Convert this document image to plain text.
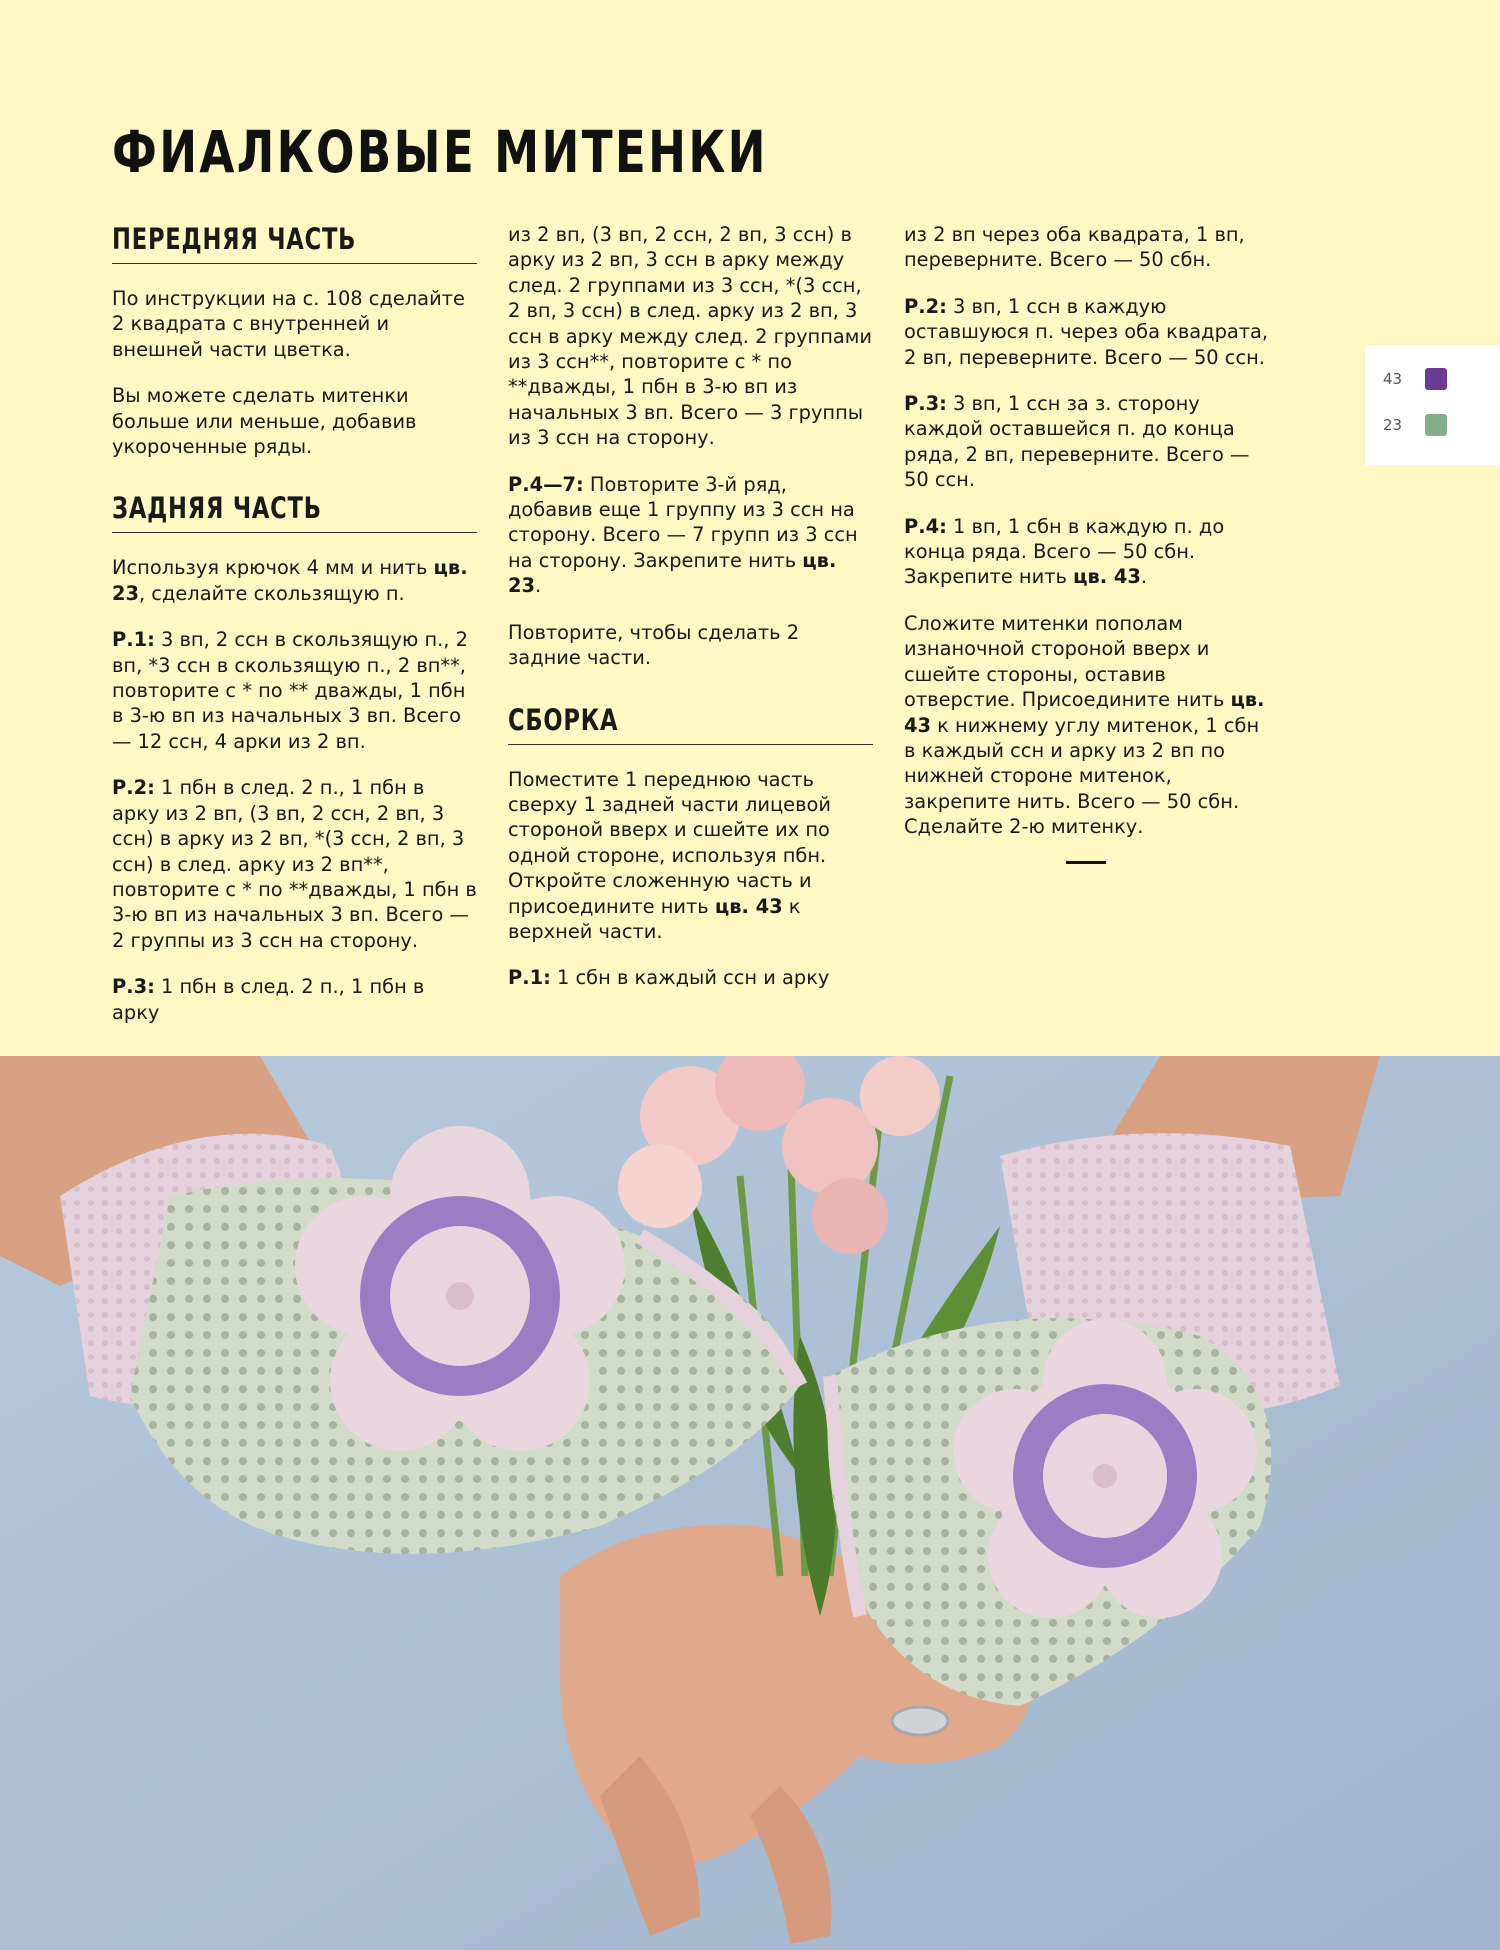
ФИАЛКОВЫЕ МИТЕНКИ
ПЕРЕДНЯЯ ЧАСТЬ

По инструкции на с. 108 сделайте 2 квадрата с внутренней и внешней части цветка.

Вы можете сделать митенки больше или меньше, добавив укороченные ряды.

ЗАДНЯЯ ЧАСТЬ

Используя крючок 4 мм и нить цв. 23, сделайте скользящую п.

Р.1: 3 вп, 2 ссн в скользящую п., 2 вп, *3 ссн в скользящую п., 2 вп**, повторите с * по ** дважды, 1 пбн в 3-ю вп из начальных 3 вп. Всего — 12 ссн, 4 арки из 2 вп.

Р.2: 1 пбн в след. 2 п., 1 пбн в арку из 2 вп, (3 вп, 2 ссн, 2 вп, 3 ссн) в арку из 2 вп, *(3 ссн, 2 вп, 3 ссн) в след. арку из 2 вп**, повторите с * по **дважды, 1 пбн в 3-ю вп из начальных 3 вп. Всего — 2 группы из 3 ссн на сторону.

Р.3: 1 пбн в след. 2 п., 1 пбн в арку

из 2 вп, (3 вп, 2 ссн, 2 вп, 3 ссн) в арку из 2 вп, 3 ссн в арку между след. 2 группами из 3 ссн, *(3 ссн, 2 вп, 3 ссн) в след. арку из 2 вп, 3 ссн в арку между след. 2 группами из 3 ссн**, повторите с * по **дважды, 1 пбн в 3-ю вп из начальных 3 вп. Всего — 3 группы из 3 ссн на сторону.

Р.4—7: Повторите 3-й ряд, добавив еще 1 группу из 3 ссн на сторону. Всего — 7 групп из 3 ссн на сторону. Закрепите нить цв. 23.

Повторите, чтобы сделать 2 задние части.

СБОРКА

Поместите 1 переднюю часть сверху 1 задней части лицевой стороной вверх и сшейте их по одной стороне, используя пбн. Откройте сложенную часть и присоедините нить цв. 43 к верхней части.

Р.1: 1 сбн в каждый ссн и арку

из 2 вп через оба квадрата, 1 вп, переверните. Всего — 50 сбн.

Р.2: 3 вп, 1 ссн в каждую оставшуюся п. через оба квадрата, 2 вп, переверните. Всего — 50 ссн.

Р.3: 3 вп, 1 ссн за з. сторону каждой оставшейся п. до конца ряда, 2 вп, переверните. Всего — 50 ссн.

Р.4: 1 вп, 1 сбн в каждую п. до конца ряда. Всего — 50 сбн. Закрепите нить цв. 43.

Сложите митенки пополам изнаночной стороной вверх и сшейте стороны, оставив отверстие. Присоедините нить цв. 43 к нижнему углу митенок, 1 сбн в каждый ссн и арку из 2 вп по нижней стороне митенок, закрепите нить. Всего — 50 сбн. Сделайте 2-ю митенку.

43
23
